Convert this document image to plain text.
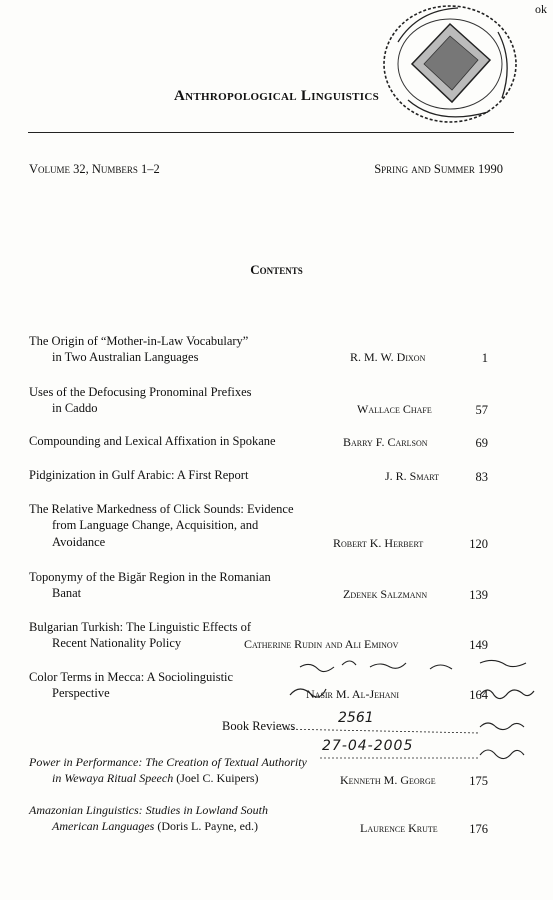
ok
Anthropological Linguistics
Volume 32, Numbers 1–2	Spring and Summer 1990
Contents
The Origin of “Mother-in-Law Vocabulary”
in Two Australian Languages	R. M. W. Dixon	1
Uses of the Defocusing Pronominal Prefixes
in Caddo	Wallace Chafe	57
Compounding and Lexical Affixation in Spokane	Barry F. Carlson	69
Pidginization in Gulf Arabic: A First Report	J. R. Smart	83
The Relative Markedness of Click Sounds: Evidence
from Language Change, Acquisition, and
Avoidance	Robert K. Herbert	120
Toponymy of the Bigăr Region in the Romanian
Banat	Zdenek Salzmann	139
Bulgarian Turkish: The Linguistic Effects of
Recent Nationality Policy	Catherine Rudin and Ali Eminov	149
Color Terms in Mecca: A Sociolinguistic
Perspective	Nasir M. Al-Jehani	164
Book Reviews	2561
27-04-2005
Power in Performance: The Creation of Textual Authority
in Wewaya Ritual Speech (Joel C. Kuipers)	Kenneth M. George	175
Amazonian Linguistics: Studies in Lowland South
American Languages (Doris L. Payne, ed.)	Laurence Krute	176
